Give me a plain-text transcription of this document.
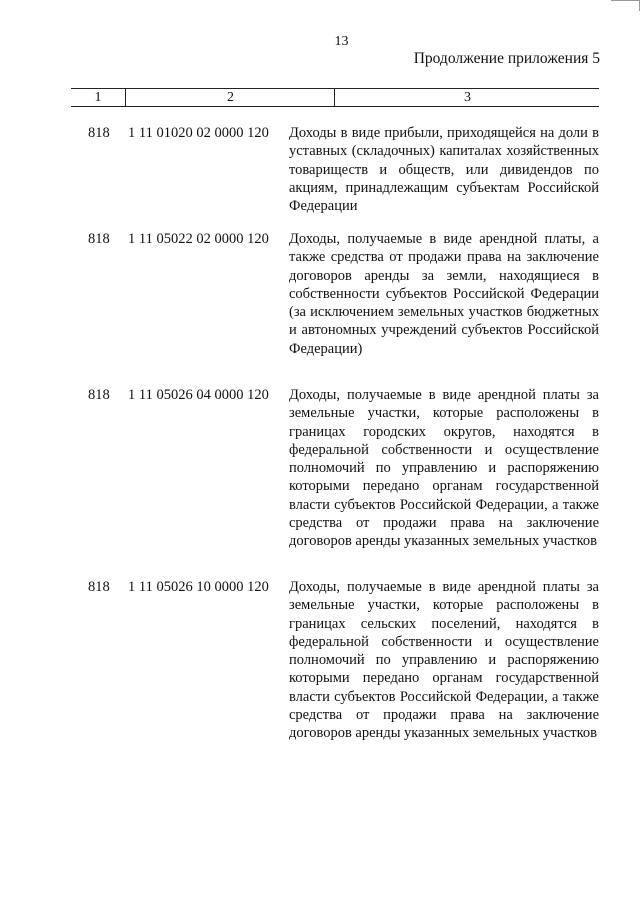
13
Продолжение приложения 5
1	2	3
818 1 11 01020 02 0000 120 Доходы в виде прибыли, приходящейся на доли в уставных (складочных) капиталах хозяйственных товариществ и обществ, или дивидендов по акциям, принадлежащим субъектам Российской Федерации
818 1 11 05022 02 0000 120 Доходы, получаемые в виде арендной платы, а также средства от продажи права на заключение договоров аренды за земли, находящиеся в собственности субъектов Российской Федерации (за исключением земельных участков бюджетных и автономных учреждений субъектов Российской Федерации)
818 1 11 05026 04 0000 120 Доходы, получаемые в виде арендной платы за земельные участки, которые расположены в границах городских округов, находятся в федеральной собственности и осуществление полномочий по управлению и распоряжению которыми передано органам государственной власти субъектов Российской Федерации, а также средства от продажи права на заключение договоров аренды указанных земельных участков
818 1 11 05026 10 0000 120 Доходы, получаемые в виде арендной платы за земельные участки, которые расположены в границах сельских поселений, находятся в федеральной собственности и осуществление полномочий по управлению и распоряжению которыми передано органам государственной власти субъектов Российской Федерации, а также средства от продажи права на заключение договоров аренды указанных земельных участков
